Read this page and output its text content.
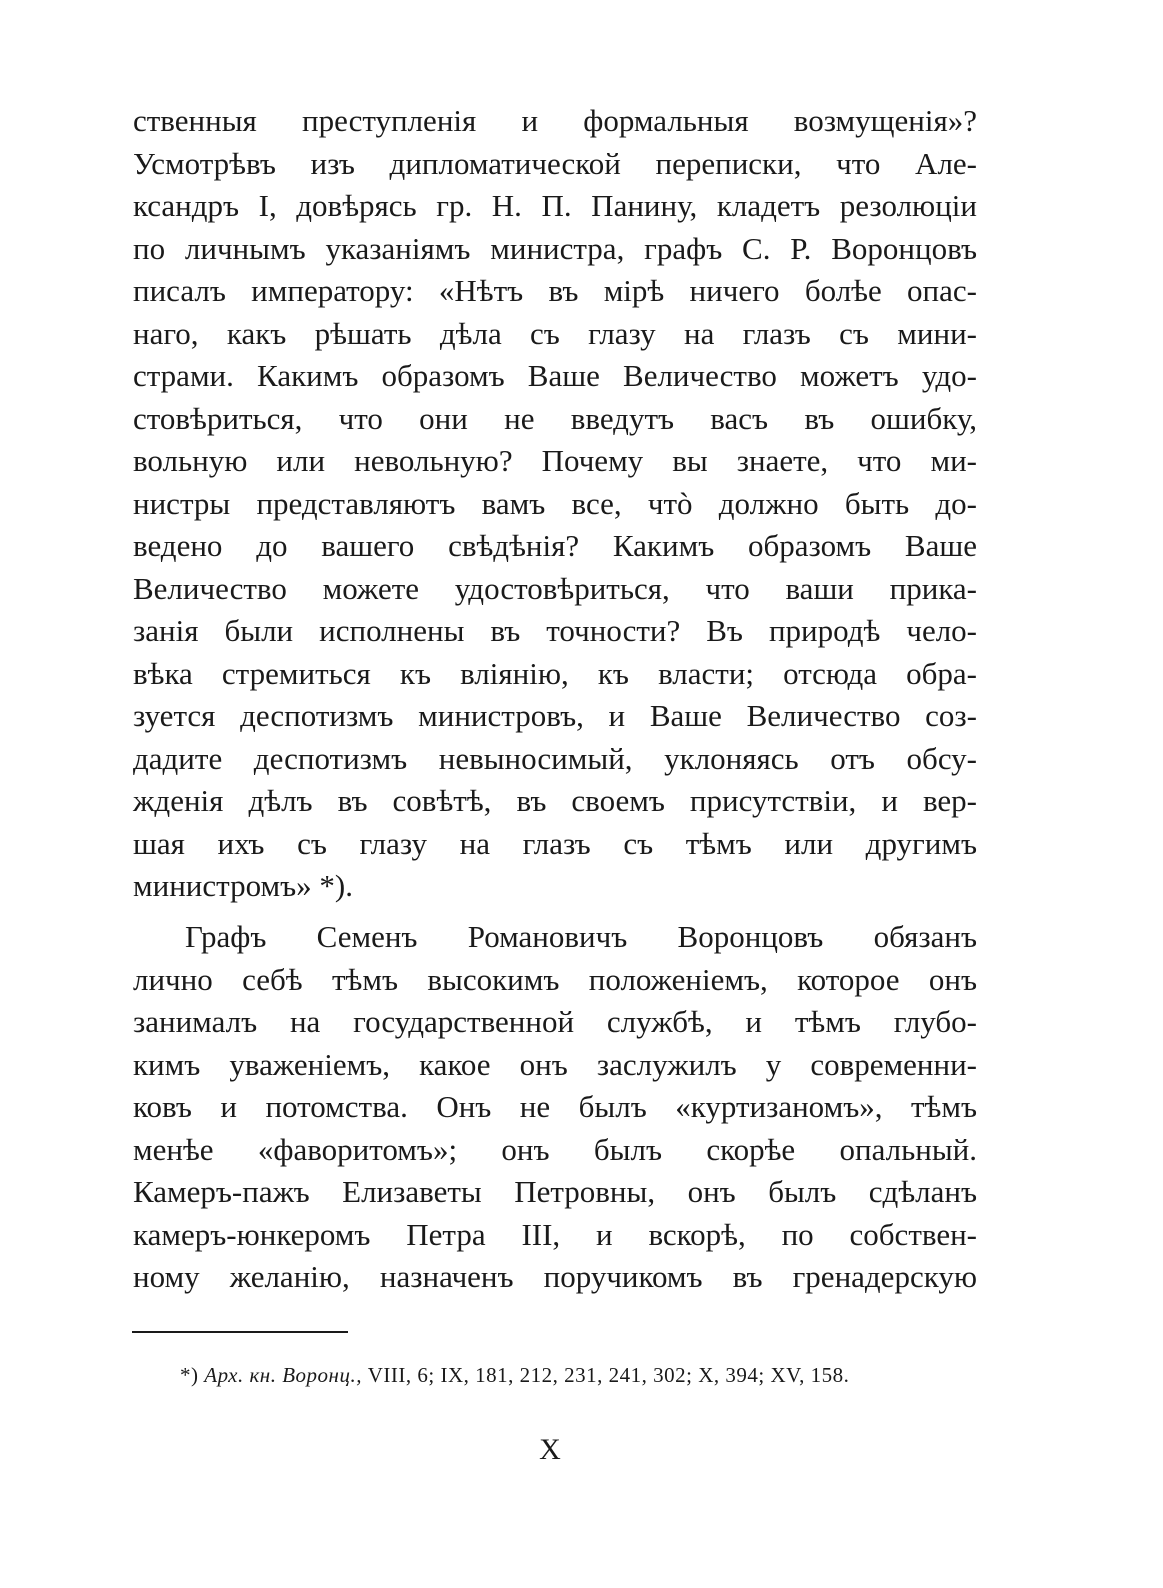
ственныя преступленія и формальныя возмущенія»?
Усмотрѣвъ изъ дипломатической переписки, что Але-
ксандръ I, довѣрясь гр. Н. П. Панину, кладетъ резолюціи
по личнымъ указаніямъ министра, графъ С. Р. Воронцовъ
писалъ императору: «Нѣтъ въ мірѣ ничего болѣе опас-
наго, какъ рѣшать дѣла съ глазу на глазъ съ мини-
страми. Какимъ образомъ Ваше Величество можетъ удо-
стовѣриться, что они не введутъ васъ въ ошибку,
вольную или невольную? Почему вы знаете, что ми-
нистры представляютъ вамъ все, чтò должно быть до-
ведено до вашего свѣдѣнія? Какимъ образомъ Ваше
Величество можете удостовѣриться, что ваши прика-
занія были исполнены въ точности? Въ природѣ чело-
вѣка стремиться къ вліянію, къ власти; отсюда обра-
зуется деспотизмъ министровъ, и Ваше Величество соз-
дадите деспотизмъ невыносимый, уклоняясь отъ обсу-
жденія дѣлъ въ совѣтѣ, въ своемъ присутствіи, и вер-
шая ихъ съ глазу на глазъ съ тѣмъ или другимъ
министромъ» *).
Графъ Семенъ Романовичъ Воронцовъ обязанъ
лично себѣ тѣмъ высокимъ положеніемъ, которое онъ
занималъ на государственной службѣ, и тѣмъ глубо-
кимъ уваженіемъ, какое онъ заслужилъ у современни-
ковъ и потомства. Онъ не былъ «куртизаномъ», тѣмъ
менѣе «фаворитомъ»; онъ былъ скорѣе опальный.
Камеръ-пажъ Елизаветы Петровны, онъ былъ сдѣланъ
камеръ-юнкеромъ Петра III, и вскорѣ, по собствен-
ному желанію, назначенъ поручикомъ въ гренадерскую
*) Арх. кн. Воронц., VIII, 6; IX, 181, 212, 231, 241, 302; X, 394; XV, 158.
X
